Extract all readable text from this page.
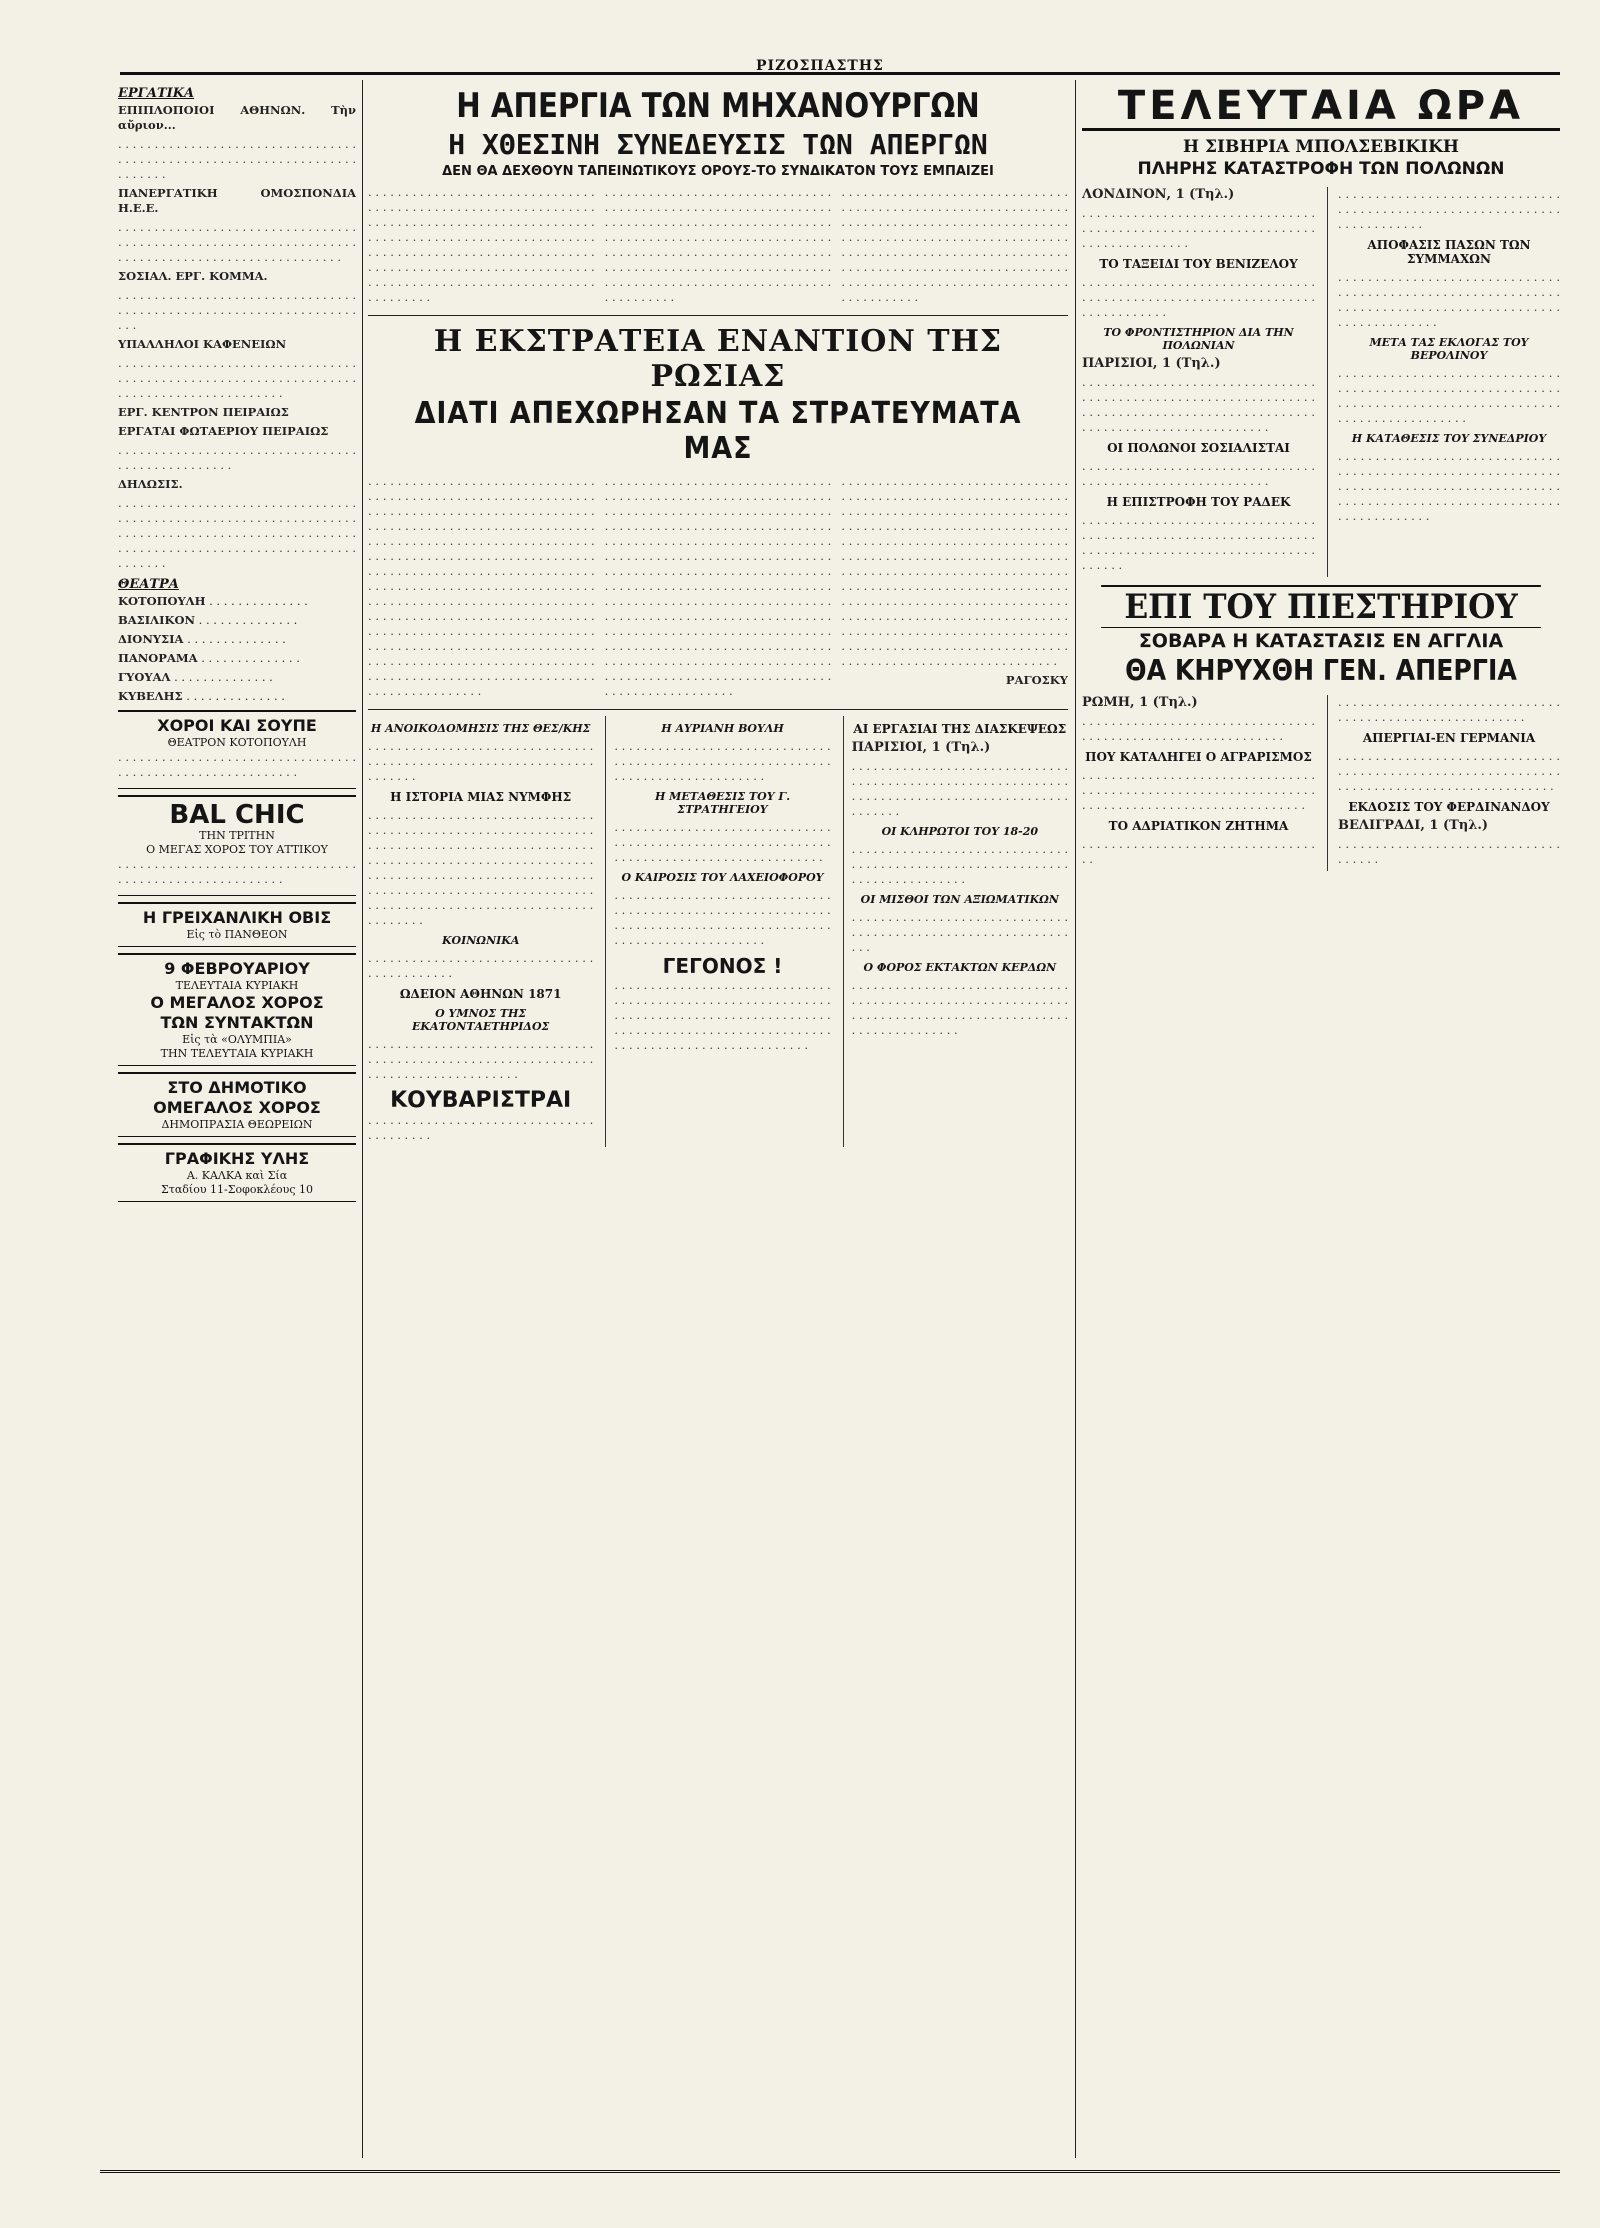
ΡΙΖΟΣΠΑΣΤΗΣ
ΕΡΓΑΤΙΚΑ

ΕΠΙΠΛΟΠΟΙΟΙ ΑΘΗΝΩΝ. Τὴν αὔριον...

. . . . . . . . . . . . . . . . . . . . . . . . . . . . . . . . . . . . . . . . . . . . . . . . . . . . . . . . . . . . . . . . . . . . . . . . .

ΠΑΝΕΡΓΑΤΙΚΗ ΟΜΟΣΠΟΝΔΙΑ Η.Ε.Ε.

. . . . . . . . . . . . . . . . . . . . . . . . . . . . . . . . . . . . . . . . . . . . . . . . . . . . . . . . . . . . . . . . . . . . . . . . . . . . . . . . . . . . . . . . . . . . . . . . .

ΣΟΣΙΑΛ. ΕΡΓ. ΚΟΜΜΑ.

. . . . . . . . . . . . . . . . . . . . . . . . . . . . . . . . . . . . . . . . . . . . . . . . . . . . . . . . . . . . . . . . . . . . .

ΥΠΑΛΛΗΛΟΙ ΚΑΦΕΝΕΙΩΝ

. . . . . . . . . . . . . . . . . . . . . . . . . . . . . . . . . . . . . . . . . . . . . . . . . . . . . . . . . . . . . . . . . . . . . . . . . . . . . . . . . . . . . . . . .

ΕΡΓ. ΚΕΝΤΡΟΝ ΠΕΙΡΑΙΩΣ

ΕΡΓΑΤΑΙ ΦΩΤΑΕΡΙΟΥ ΠΕΙΡΑΙΩΣ

. . . . . . . . . . . . . . . . . . . . . . . . . . . . . . . . . . . . . . . . . . . . . . . . .

ΔΗΛΩΣΙΣ.

. . . . . . . . . . . . . . . . . . . . . . . . . . . . . . . . . . . . . . . . . . . . . . . . . . . . . . . . . . . . . . . . . . . . . . . . . . . . . . . . . . . . . . . . . . . . . . . . . . . . . . . . . . . . . . . . . . . . . . . . . . . . . . . . . . . . . . . . . . .

ΘΕΑΤΡΑ

ΚΟΤΟΠΟΥΛΗ . . . . . . . . . . . . . .

ΒΑΣΙΛΙΚΟΝ . . . . . . . . . . . . . .

ΔΙΟΝΥΣΙΑ . . . . . . . . . . . . . .

ΠΑΝΟΡΑΜΑ . . . . . . . . . . . . . .

ΓΥΟΥΑΛ . . . . . . . . . . . . . .

ΚΥΒΕΛΗΣ . . . . . . . . . . . . . .

ΧΟΡΟΙ ΚΑΙ ΣΟΥΠΕ
ΘΕΑΤΡΟΝ ΚΟΤΟΠΟΥΛΗ

. . . . . . . . . . . . . . . . . . . . . . . . . . . . . . . . . . . . . . . . . . . . . . . . . . . . . . . . . .

BAL CHIC
ΤΗΝ ΤΡΙΤΗΝ
Ο ΜΕΓΑΣ ΧΟΡΟΣ ΤΟΥ ΑΤΤΙΚΟΥ

. . . . . . . . . . . . . . . . . . . . . . . . . . . . . . . . . . . . . . . . . . . . . . . . . . . . . . . .

Η ΓΡΕΙΧΑΝΛΙΚΗ ΟΒΙΣ
Εἰς τὸ ΠΑΝΘΕΟΝ
9 ΦΕΒΡΟΥΑΡΙΟΥ
ΤΕΛΕΥΤΑΙΑ ΚΥΡΙΑΚΗ
Ο ΜΕΓΑΛΟΣ ΧΟΡΟΣ
ΤΩΝ ΣΥΝΤΑΚΤΩΝ
Εἰς τὰ «ΟΛΥΜΠΙΑ»
ΤΗΝ ΤΕΛΕΥΤΑΙΑ ΚΥΡΙΑΚΗ
ΣΤΟ ΔΗΜΟΤΙΚΟ
ΟΜΕΓΑΛΟΣ ΧΟΡΟΣ
ΔΗΜΟΠΡΑΣΙΑ ΘΕΩΡΕΙΩΝ
ΓΡΑΦΙΚΗΣ ΥΛΗΣ
Α. ΚΑΛΚΑ καὶ Σία
Σταδίου 11-Σοφοκλέους 10
Η ΑΠΕΡΓΙΑ ΤΩΝ ΜΗΧΑΝΟΥΡΓΩΝ
Η ΧΘΕΣΙΝΗ ΣΥΝΕΔΕΥΣΙΣ ΤΩΝ ΑΠΕΡΓΩΝ
ΔΕΝ ΘΑ ΔΕΧΘΟΥΝ ΤΑΠΕΙΝΩΤΙΚΟΥΣ ΟΡΟΥΣ-ΤΟ ΣΥΝΔΙΚΑΤΟΝ ΤΟΥΣ ΕΜΠΑΙΖΕΙ

. . . . . . . . . . . . . . . . . . . . . . . . . . . . . . . . . . . . . . . . . . . . . . . . . . . . . . . . . . . . . . . . . . . . . . . . . . . . . . . . . . . . . . . . . . . . . . . . . . . . . . . . . . . . . . . . . . . . . . . . . . . . . . . . . . . . . . . . . . . . . . . . . . . . . . . . . . . . . . . . . . . . . . . . . . . . . . . . . . . . . . . . . . . . . . . . . . . . . . . . . . . . . . . . . . . . . . . . . . . . . . . . . .

. . . . . . . . . . . . . . . . . . . . . . . . . . . . . . . . . . . . . . . . . . . . . . . . . . . . . . . . . . . . . . . . . . . . . . . . . . . . . . . . . . . . . . . . . . . . . . . . . . . . . . . . . . . . . . . . . . . . . . . . . . . . . . . . . . . . . . . . . . . . . . . . . . . . . . . . . . . . . . . . . . . . . . . . . . . . . . . . . . . . . . . . . . . . . . . . . . . . . . . . . . . . . . . . . . . . . . . . . . . . . . . . . . .

. . . . . . . . . . . . . . . . . . . . . . . . . . . . . . . . . . . . . . . . . . . . . . . . . . . . . . . . . . . . . . . . . . . . . . . . . . . . . . . . . . . . . . . . . . . . . . . . . . . . . . . . . . . . . . . . . . . . . . . . . . . . . . . . . . . . . . . . . . . . . . . . . . . . . . . . . . . . . . . . . . . . . . . . . . . . . . . . . . . . . . . . . . . . . . . . . . . . . . . . . . . . . . . . . . . . . . . . . . . . . . . . . . . .

Η ΕΚΣΤΡΑΤΕΙΑ ΕΝΑΝΤΙΟΝ ΤΗΣ ΡΩΣΙΑΣ
ΔΙΑΤΙ ΑΠΕΧΩΡΗΣΑΝ ΤΑ ΣΤΡΑΤΕΥΜΑΤΑ ΜΑΣ

. . . . . . . . . . . . . . . . . . . . . . . . . . . . . . . . . . . . . . . . . . . . . . . . . . . . . . . . . . . . . . . . . . . . . . . . . . . . . . . . . . . . . . . . . . . . . . . . . . . . . . . . . . . . . . . . . . . . . . . . . . . . . . . . . . . . . . . . . . . . . . . . . . . . . . . . . . . . . . . . . . . . . . . . . . . . . . . . . . . . . . . . . . . . . . . . . . . . . . . . . . . . . . . . . . . . . . . . . . . . . . . . . . . . . . . . . . . . . . . . . . . . . . . . . . . . . . . . . . . . . . . . . . . . . . . . . . . . . . . . . . . . . . . . . . . . . . . . . . . . . . . . . . . . . . . . . . . . . . . . . . . . . . . . . . . . . . . . . . . . . . . . . . . . . . . . . . . . . . . . . . . . . . . . . . . . . . . . . . . . . . . . . . . . . . . . . . . . . . . . . . . . . . . . . . . . . . . . . . . . . . . . . . . . . . . . . . . . . . . . . . . . . . . . . .

. . . . . . . . . . . . . . . . . . . . . . . . . . . . . . . . . . . . . . . . . . . . . . . . . . . . . . . . . . . . . . . . . . . . . . . . . . . . . . . . . . . . . . . . . . . . . . . . . . . . . . . . . . . . . . . . . . . . . . . . . . . . . . . . . . . . . . . . . . . . . . . . . . . . . . . . . . . . . . . . . . . . . . . . . . . . . . . . . . . . . . . . . . . . . . . . . . . . . . . . . . . . . . . . . . . . . . . . . . . . . . . . . . . . . . . . . . . . . . . . . . . . . . . . . . . . . . . . . . . . . . . . . . . . . . . . . . . . . . . . . . . . . . . . . . . . . . . . . . . . . . . . . . . . . . . . . . . . . . . . . . . . . . . . . . . . . . . . . . . . . . . . . . . . . . . . . . . . . . . . . . . . . . . . . . . . . . . . . . . . . . . . . . . . . . . . . . . . . . . . . . . . . . . . . . . . . . . . . . . . . . . . . . . . . . . . . . . . . . . . . . . . . . . . . . . .

. . . . . . . . . . . . . . . . . . . . . . . . . . . . . . . . . . . . . . . . . . . . . . . . . . . . . . . . . . . . . . . . . . . . . . . . . . . . . . . . . . . . . . . . . . . . . . . . . . . . . . . . . . . . . . . . . . . . . . . . . . . . . . . . . . . . . . . . . . . . . . . . . . . . . . . . . . . . . . . . . . . . . . . . . . . . . . . . . . . . . . . . . . . . . . . . . . . . . . . . . . . . . . . . . . . . . . . . . . . . . . . . . . . . . . . . . . . . . . . . . . . . . . . . . . . . . . . . . . . . . . . . . . . . . . . . . . . . . . . . . . . . . . . . . . . . . . . . . . . . . . . . . . . . . . . . . . . . . . . . . . . . . . . . . . . . . . . . . . . . . . . . . . . . . . . . . . . . . . . . . . . . . . . . . . . . . . . . . . . . . . . . . . . . . . . . . . . . . . . . . .

ΡΑΓΟΣΚΥ

Η ΑΝΟΙΚΟΔΟΜΗΣΙΣ ΤΗΣ ΘΕΣ/ΚΗΣ

. . . . . . . . . . . . . . . . . . . . . . . . . . . . . . . . . . . . . . . . . . . . . . . . . . . . . . . . . . . . . . . . . . . . .

Η ΙΣΤΟΡΙΑ ΜΙΑΣ ΝΥΜΦΗΣ

. . . . . . . . . . . . . . . . . . . . . . . . . . . . . . . . . . . . . . . . . . . . . . . . . . . . . . . . . . . . . . . . . . . . . . . . . . . . . . . . . . . . . . . . . . . . . . . . . . . . . . . . . . . . . . . . . . . . . . . . . . . . . . . . . . . . . . . . . . . . . . . . . . . . . . . . . . . . . . . . . . . . . . . . . . . . . . . . . . . . . . . . . . . . . . . . . . . . . . . . . . . . . . . . . . . . . . . . . . . . . . . . .

ΚΟΙΝΩΝΙΚΑ

. . . . . . . . . . . . . . . . . . . . . . . . . . . . . . . . . . . . . . . . . . .

ΩΔΕΙΟΝ ΑΘΗΝΩΝ 1871
Ο ΥΜΝΟΣ ΤΗΣ ΕΚΑΤΟΝΤΑΕΤΗΡΙΔΟΣ

. . . . . . . . . . . . . . . . . . . . . . . . . . . . . . . . . . . . . . . . . . . . . . . . . . . . . . . . . . . . . . . . . . . . . . . . . . . . . . . . . . .

ΚΟΥΒΑΡΙΣΤΡΑΙ

. . . . . . . . . . . . . . . . . . . . . . . . . . . . . . . . . . . . . . . .

Η ΑΥΡΙΑΝΗ ΒΟΥΛΗ

. . . . . . . . . . . . . . . . . . . . . . . . . . . . . . . . . . . . . . . . . . . . . . . . . . . . . . . . . . . . . . . . . . . . . . . . . . . . . . . . .

Η ΜΕΤΑΘΕΣΙΣ ΤΟΥ Γ. ΣΤΡΑΤΗΓΕΙΟΥ

. . . . . . . . . . . . . . . . . . . . . . . . . . . . . . . . . . . . . . . . . . . . . . . . . . . . . . . . . . . . . . . . . . . . . . . . . . . . . . . . . . . . . . . . .

Ο ΚΑΙΡΟΣΙΣ ΤΟΥ ΛΑΧΕΙΟΦΟΡΟΥ

. . . . . . . . . . . . . . . . . . . . . . . . . . . . . . . . . . . . . . . . . . . . . . . . . . . . . . . . . . . . . . . . . . . . . . . . . . . . . . . . . . . . . . . . . . . . . . . . . . . . . . . . . . . . . . .

ΓΕΓΟΝΟΣ !

. . . . . . . . . . . . . . . . . . . . . . . . . . . . . . . . . . . . . . . . . . . . . . . . . . . . . . . . . . . . . . . . . . . . . . . . . . . . . . . . . . . . . . . . . . . . . . . . . . . . . . . . . . . . . . . . . . . . . . . . . . . . . . . . . . . . . . . . . . . . . . . . . . .

ΑΙ ΕΡΓΑΣΙΑΙ ΤΗΣ ΔΙΑΣΚΕΨΕΩΣ

ΠΑΡΙΣΙΟΙ, 1 (Τηλ.)

. . . . . . . . . . . . . . . . . . . . . . . . . . . . . . . . . . . . . . . . . . . . . . . . . . . . . . . . . . . . . . . . . . . . . . . . . . . . . . . . . . . . . . . . . . . . . . . . .

ΟΙ ΚΛΗΡΩΤΟΙ ΤΟΥ 18-20

. . . . . . . . . . . . . . . . . . . . . . . . . . . . . . . . . . . . . . . . . . . . . . . . . . . . . . . . . . . . . . . . . . . . . . . . . . . .

ΟΙ ΜΙΣΘΟΙ ΤΩΝ ΑΞΙΩΜΑΤΙΚΩΝ

. . . . . . . . . . . . . . . . . . . . . . . . . . . . . . . . . . . . . . . . . . . . . . . . . . . . . . . . . . . . . . .

Ο ΦΟΡΟΣ ΕΚΤΑΚΤΩΝ ΚΕΡΔΩΝ

. . . . . . . . . . . . . . . . . . . . . . . . . . . . . . . . . . . . . . . . . . . . . . . . . . . . . . . . . . . . . . . . . . . . . . . . . . . . . . . . . . . . . . . . . . . . . . . . . . . . . . . . .

ΤΕΛΕΥΤΑΙΑ ΩΡΑ
Η ΣΙΒΗΡΙΑ ΜΠΟΛΣΕΒΙΚΙΚΗ
ΠΛΗΡΗΣ ΚΑΤΑΣΤΡΟΦΗ ΤΩΝ ΠΟΛΩΝΩΝ

ΛΟΝΔΙΝΟΝ, 1 (Τηλ.)

. . . . . . . . . . . . . . . . . . . . . . . . . . . . . . . . . . . . . . . . . . . . . . . . . . . . . . . . . . . . . . . . . . . . . . . . . . . . . . .

ΤΟ ΤΑΞΕΙΔΙ ΤΟΥ ΒΕΝΙΖΕΛΟΥ

. . . . . . . . . . . . . . . . . . . . . . . . . . . . . . . . . . . . . . . . . . . . . . . . . . . . . . . . . . . . . . . . . . . . . . . . . . . .

ΤΟ ΦΡΟΝΤΙΣΤΗΡΙΟΝ ΔΙΑ ΤΗΝ ΠΟΛΩΝΙΑΝ

ΠΑΡΙΣΙΟΙ, 1 (Τηλ.)

. . . . . . . . . . . . . . . . . . . . . . . . . . . . . . . . . . . . . . . . . . . . . . . . . . . . . . . . . . . . . . . . . . . . . . . . . . . . . . . . . . . . . . . . . . . . . . . . . . . . . . . . . . . . . . . . . . . . . . . . . .

ΟΙ ΠΟΛΩΝΟΙ ΣΟΣΙΑΛΙΣΤΑΙ

. . . . . . . . . . . . . . . . . . . . . . . . . . . . . . . . . . . . . . . . . . . . . . . . . . . . . . . . . .

Η ΕΠΙΣΤΡΟΦΗ ΤΟΥ ΡΑΔΕΚ

. . . . . . . . . . . . . . . . . . . . . . . . . . . . . . . . . . . . . . . . . . . . . . . . . . . . . . . . . . . . . . . . . . . . . . . . . . . . . . . . . . . . . . . . . . . . . . . . . . . . . .

. . . . . . . . . . . . . . . . . . . . . . . . . . . . . . . . . . . . . . . . . . . . . . . . . . . . . . . . . . . . . . . . . . . . . . . .

ΑΠΟΦΑΣΙΣ ΠΑΣΩΝ ΤΩΝ ΣΥΜΜΑΧΩΝ

. . . . . . . . . . . . . . . . . . . . . . . . . . . . . . . . . . . . . . . . . . . . . . . . . . . . . . . . . . . . . . . . . . . . . . . . . . . . . . . . . . . . . . . . . . . . . . . . . . . . . . . .

ΜΕΤΑ ΤΑΣ ΕΚΛΟΓΑΣ ΤΟΥ ΒΕΡΟΛΙΝΟΥ

. . . . . . . . . . . . . . . . . . . . . . . . . . . . . . . . . . . . . . . . . . . . . . . . . . . . . . . . . . . . . . . . . . . . . . . . . . . . . . . . . . . . . . . . . . . . . . . . . . . . . . . . . . . .

Η ΚΑΤΑΘΕΣΙΣ ΤΟΥ ΣΥΝΕΔΡΙΟΥ

. . . . . . . . . . . . . . . . . . . . . . . . . . . . . . . . . . . . . . . . . . . . . . . . . . . . . . . . . . . . . . . . . . . . . . . . . . . . . . . . . . . . . . . . . . . . . . . . . . . . . . . . . . . . . . . . . . . . . . . . . . . . . . . . . . . . .

ΕΠΙ ΤΟΥ ΠΙΕΣΤΗΡΙΟΥ
ΣΟΒΑΡΑ Η ΚΑΤΑΣΤΑΣΙΣ ΕΝ ΑΓΓΛΙΑ
ΘΑ ΚΗΡΥΧΘΗ ΓΕΝ. ΑΠΕΡΓΙΑ

ΡΩΜΗ, 1 (Τηλ.)

. . . . . . . . . . . . . . . . . . . . . . . . . . . . . . . . . . . . . . . . . . . . . . . . . . . . . . . . . . . .

ΠΟΥ ΚΑΤΑΛΗΓΕΙ Ο ΑΓΡΑΡΙΣΜΟΣ

. . . . . . . . . . . . . . . . . . . . . . . . . . . . . . . . . . . . . . . . . . . . . . . . . . . . . . . . . . . . . . . . . . . . . . . . . . . . . . . . . . . . . . . . . . . . . . .

ΤΟ ΑΔΡΙΑΤΙΚΟΝ ΖΗΤΗΜΑ

. . . . . . . . . . . . . . . . . . . . . . . . . . . . . . . . . .

. . . . . . . . . . . . . . . . . . . . . . . . . . . . . . . . . . . . . . . . . . . . . . . . . . . . . . . .

ΑΠΕΡΓΙΑΙ-ΕΝ ΓΕΡΜΑΝΙΑ

. . . . . . . . . . . . . . . . . . . . . . . . . . . . . . . . . . . . . . . . . . . . . . . . . . . . . . . . . . . . . . . . . . . . . . . . . . . . . . . . . . . . . . . . . .

ΕΚΔΟΣΙΣ ΤΟΥ ΦΕΡΔΙΝΑΝΔΟΥ

ΒΕΛΙΓΡΑΔΙ, 1 (Τηλ.)

. . . . . . . . . . . . . . . . . . . . . . . . . . . . . . . . . . . .
